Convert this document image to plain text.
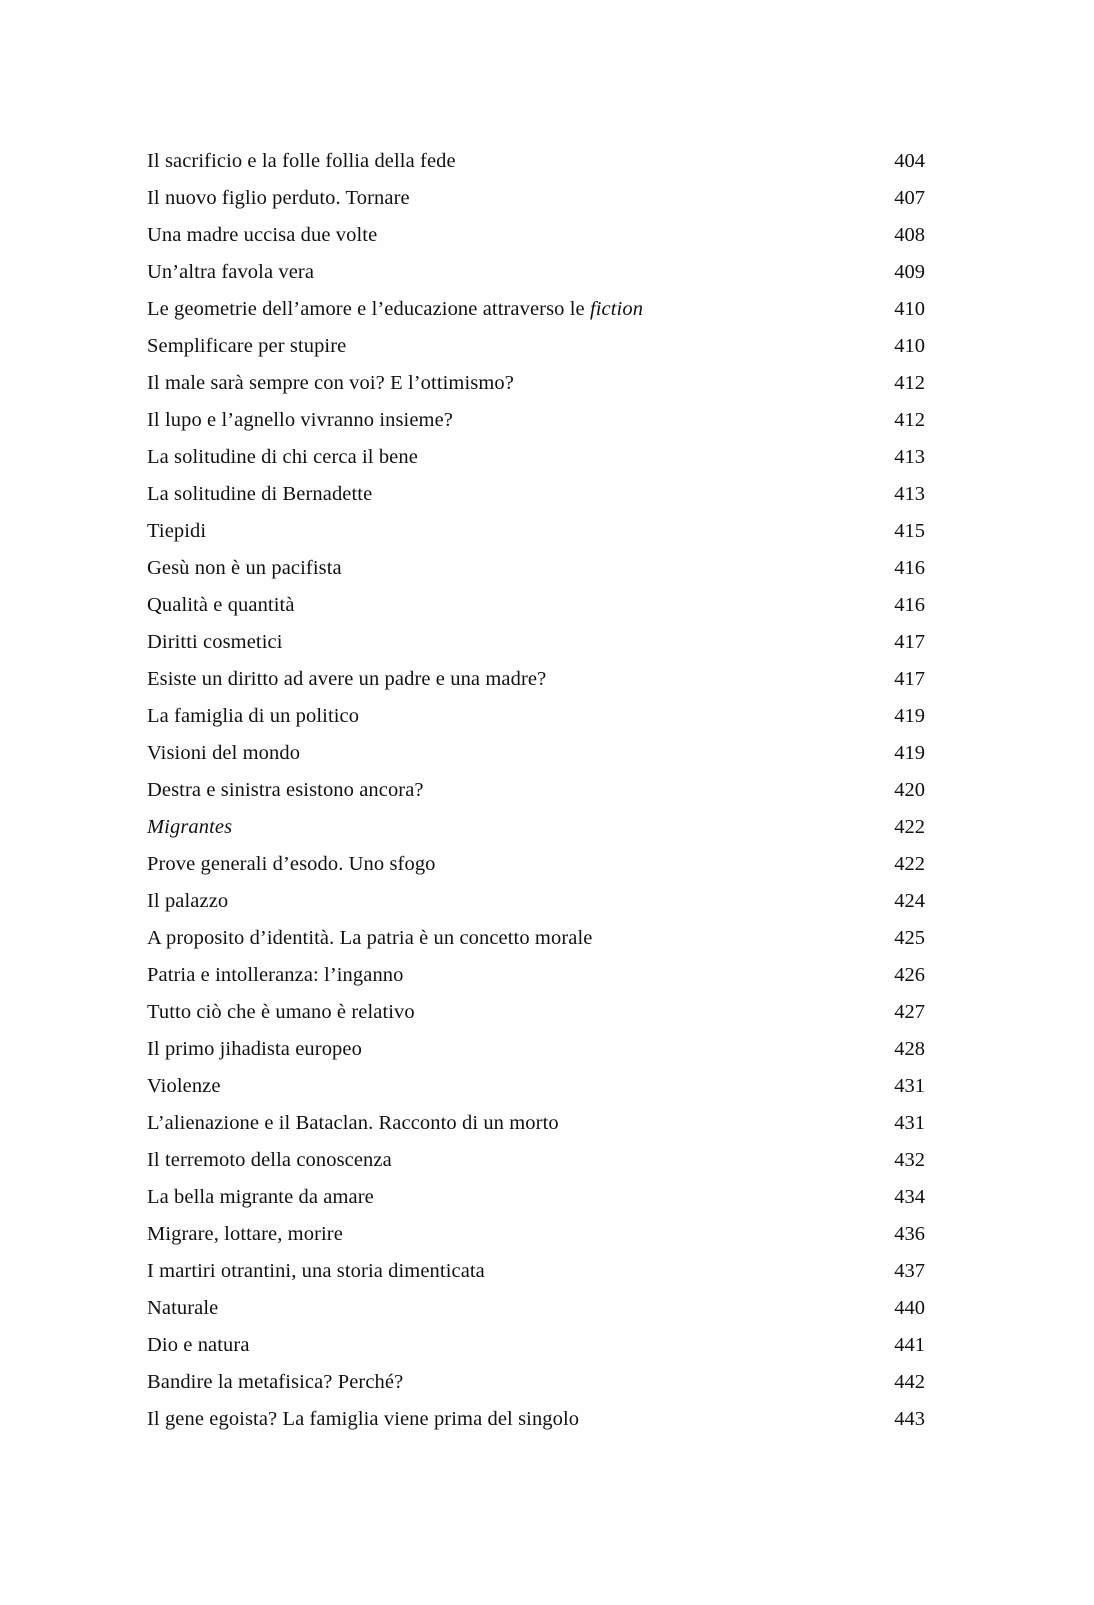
Il sacrificio e la folle follia della fede	404
Il nuovo figlio perduto. Tornare	407
Una madre uccisa due volte	408
Un’altra favola vera	409
Le geometrie dell’amore e l’educazione attraverso le fiction	410
Semplificare per stupire	410
Il male sarà sempre con voi? E l’ottimismo?	412
Il lupo e l’agnello vivranno insieme?	412
La solitudine di chi cerca il bene	413
La solitudine di Bernadette	413
Tiepidi	415
Gesù non è un pacifista	416
Qualità e quantità	416
Diritti cosmetici	417
Esiste un diritto ad avere un padre e una madre?	417
La famiglia di un politico	419
Visioni del mondo	419
Destra e sinistra esistono ancora?	420
Migrantes	422
Prove generali d’esodo. Uno sfogo	422
Il palazzo	424
A proposito d’identità. La patria è un concetto morale	425
Patria e intolleranza: l’inganno	426
Tutto ciò che è umano è relativo	427
Il primo jihadista europeo	428
Violenze	431
L’alienazione e il Bataclan. Racconto di un morto	431
Il terremoto della conoscenza	432
La bella migrante da amare	434
Migrare, lottare, morire	436
I martiri otrantini, una storia dimenticata	437
Naturale	440
Dio e natura	441
Bandire la metafisica? Perché?	442
Il gene egoista? La famiglia viene prima del singolo	443
